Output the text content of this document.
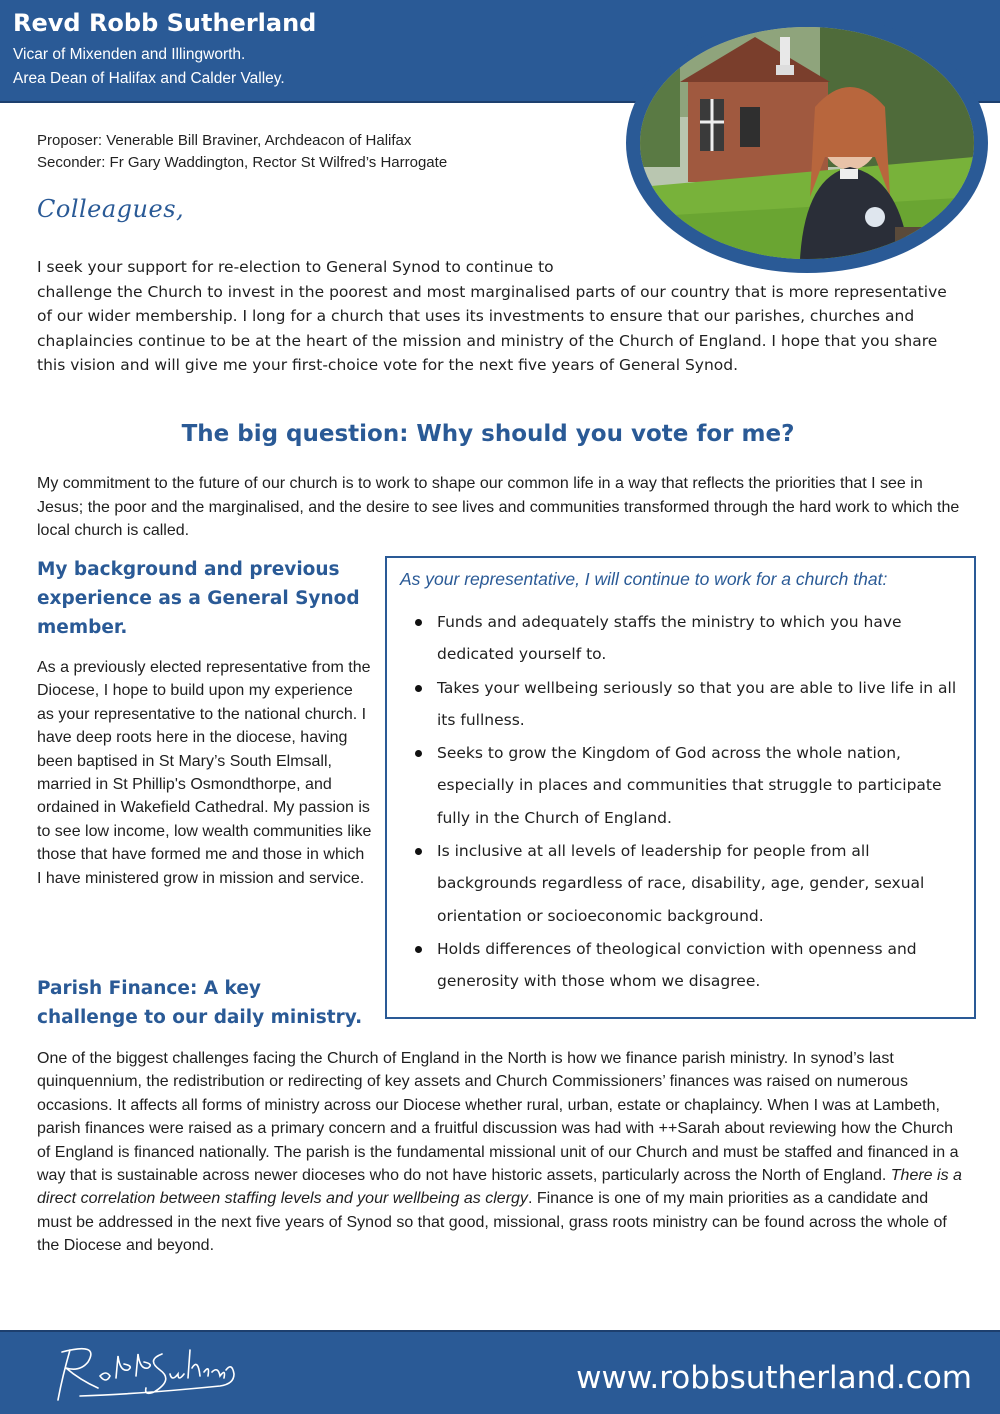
Revd Robb Sutherland
Vicar of Mixenden and Illingworth.
Area Dean of Halifax and Calder Valley.
Proposer: Venerable Bill Braviner, Archdeacon of Halifax
Seconder: Fr Gary Waddington, Rector St Wilfred’s Harrogate
Colleagues,

I seek your support for re-election to General Synod to continue to
challenge the Church to invest in the poorest and most marginalised parts of our country that is more representative of our wider membership. I long for a church that uses its investments to ensure that our parishes, churches and chaplaincies continue to be at the heart of the mission and ministry of the Church of England. I hope that you share this vision and will give me your first-choice vote for the next five years of General Synod.

The big question: Why should you vote for me?

My commitment to the future of our church is to work to shape our common life in a way that reflects the priorities that I see in Jesus; the poor and the marginalised, and the desire to see lives and communities transformed through the hard work to which the local church is called.

My background and previous experience as a General Synod member.

As a previously elected representative from the Diocese, I hope to build upon my experience as your representative to the national church. I have deep roots here in the diocese, having been baptised in St Mary’s South Elmsall, married in St Phillip's Osmondthorpe, and ordained in Wakefield Cathedral. My passion is to see low income, low wealth communities like those that have formed me and those in which I have ministered grow in mission and service.

As your representative, I will continue to work for a church that:
Funds and adequately staffs the ministry to which you have dedicated yourself to.
Takes your wellbeing seriously so that you are able to live life in all its fullness.
Seeks to grow the Kingdom of God across the whole nation, especially in places and communities that struggle to participate fully in the Church of England.
Is inclusive at all levels of leadership for people from all backgrounds regardless of race, disability, age, gender, sexual orientation or socioeconomic background.
Holds differences of theological conviction with openness and generosity with those whom we disagree.
Parish Finance: A key challenge to our daily ministry.

One of the biggest challenges facing the Church of England in the North is how we finance parish ministry. In synod’s last quinquennium, the redistribution or redirecting of key assets and Church Commissioners’ finances was raised on numerous occasions. It affects all forms of ministry across our Diocese whether rural, urban, estate or chaplaincy. When I was at Lambeth, parish finances were raised as a primary concern and a fruitful discussion was had with ++Sarah about reviewing how the Church of England is financed nationally. The parish is the fundamental missional unit of our Church and must be staffed and financed in a way that is sustainable across newer dioceses who do not have historic assets, particularly across the North of England. There is a direct correlation between staffing levels and your wellbeing as clergy. Finance is one of my main priorities as a candidate and must be addressed in the next five years of Synod so that good, missional, grass roots ministry can be found across the whole of the Diocese and beyond.

www.robbsutherland.com
